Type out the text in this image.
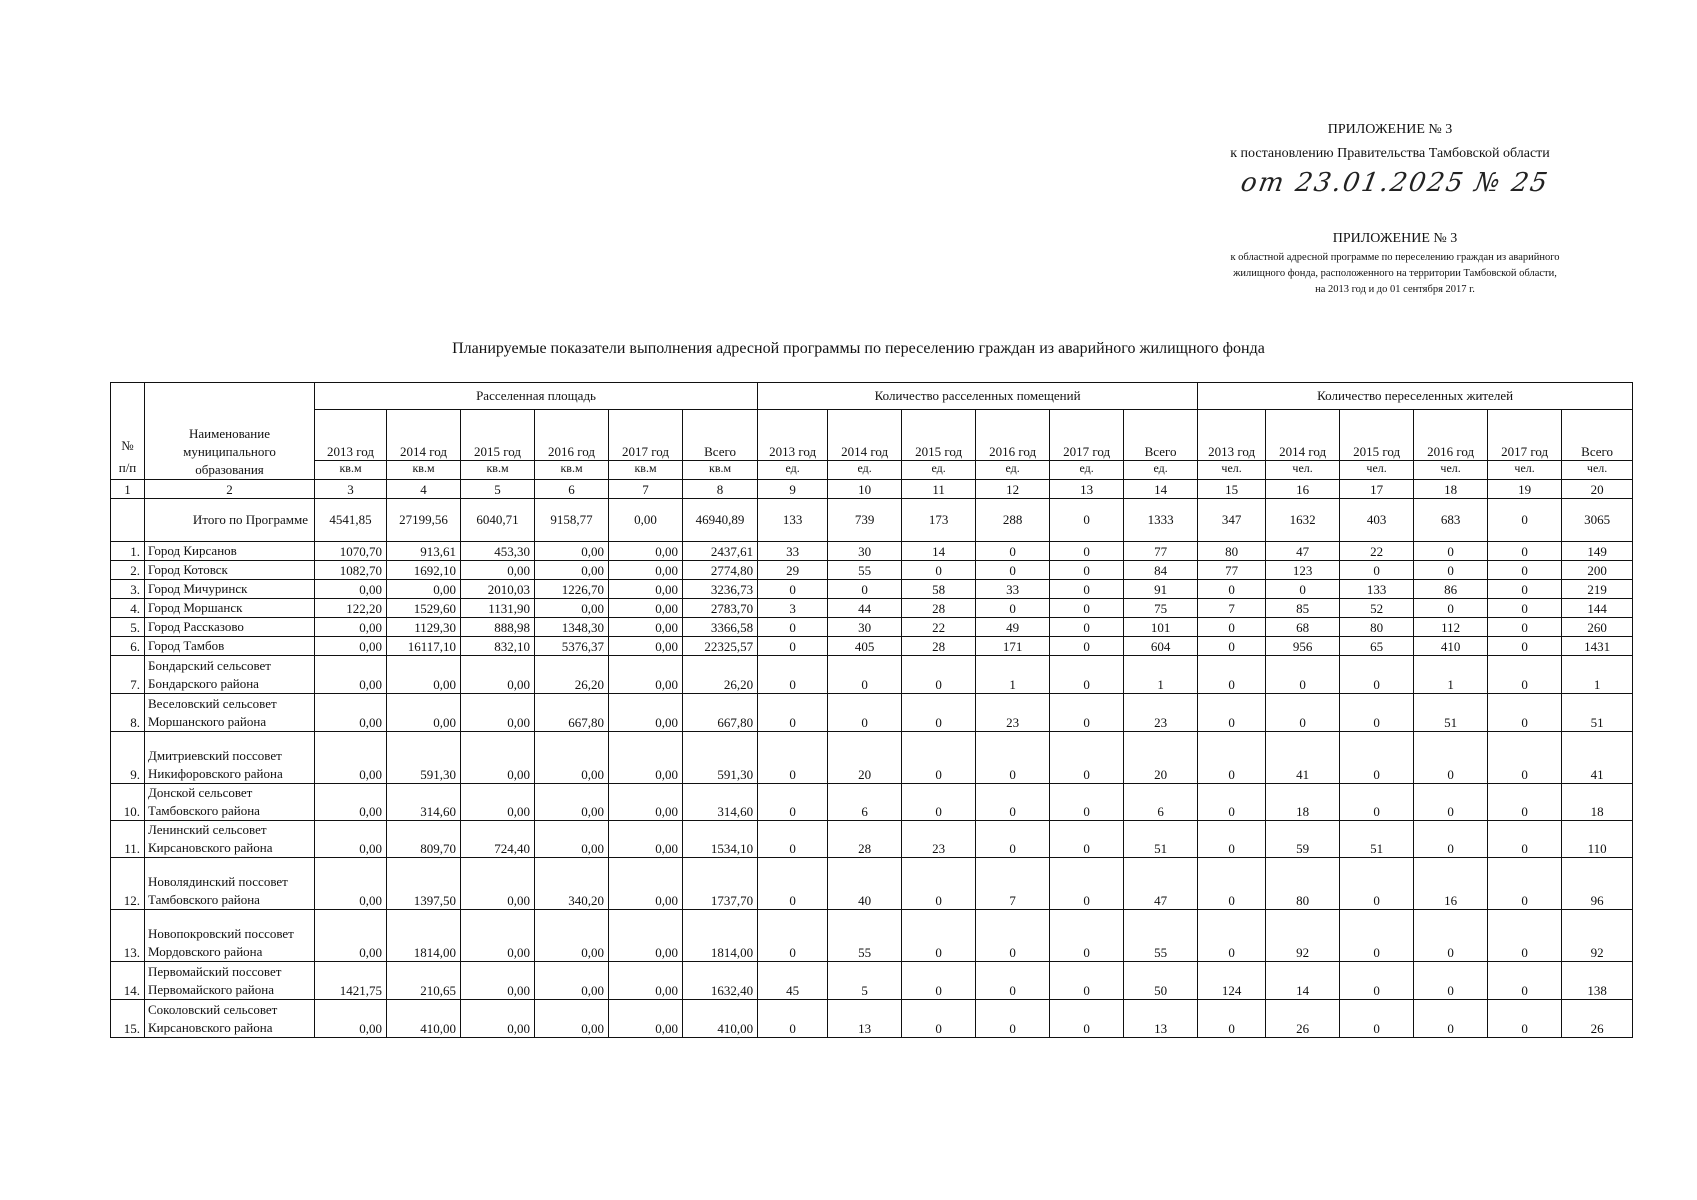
ПРИЛОЖЕНИЕ № 3
к постановлению Правительства Тамбовской области
от 23.01.2025 № 25
ПРИЛОЖЕНИЕ № 3
к областной адресной программе по переселению граждан из аварийного
жилищного фонда, расположенного на территории Тамбовской области,
на 2013 год и до 01 сентября 2017 г.
Планируемые показатели выполнения адресной программы по переселению граждан из аварийного жилищного фонда
№
п/п	Наименование муниципального образования	Расселенная площадь						Количество расселенных помещений						Количество переселенных жителей					
		2013 год	2014 год	2015 год	2016 год	2017 год	Всего	2013 год	2014 год	2015 год	2016 год	2017 год	Всего	2013 год	2014 год	2015 год	2016 год	2017 год	Всего
		кв.м	кв.м	кв.м	кв.м	кв.м	кв.м	ед.	ед.	ед.	ед.	ед.	ед.	чел.	чел.	чел.	чел.	чел.	чел.
1	2	3	4	5	6	7	8	9	10	11	12	13	14	15	16	17	18	19	20
	Итого по Программе	4541,85	27199,56	6040,71	9158,77	0,00	46940,89	133	739	173	288	0	1333	347	1632	403	683	0	3065
1.	Город Кирсанов	1070,70	913,61	453,30	0,00	0,00	2437,61	33	30	14	0	0	77	80	47	22	0	0	149
2.	Город Котовск	1082,70	1692,10	0,00	0,00	0,00	2774,80	29	55	0	0	0	84	77	123	0	0	0	200
3.	Город Мичуринск	0,00	0,00	2010,03	1226,70	0,00	3236,73	0	0	58	33	0	91	0	0	133	86	0	219
4.	Город Моршанск	122,20	1529,60	1131,90	0,00	0,00	2783,70	3	44	28	0	0	75	7	85	52	0	0	144
5.	Город Рассказово	0,00	1129,30	888,98	1348,30	0,00	3366,58	0	30	22	49	0	101	0	68	80	112	0	260
6.	Город Тамбов	0,00	16117,10	832,10	5376,37	0,00	22325,57	0	405	28	171	0	604	0	956	65	410	0	1431
7.	Бондарский сельсовет Бондарского района	0,00	0,00	0,00	26,20	0,00	26,20	0	0	0	1	0	1	0	0	0	1	0	1
8.	Веселовский сельсовет Моршанского района	0,00	0,00	0,00	667,80	0,00	667,80	0	0	0	23	0	23	0	0	0	51	0	51
9.	Дмитриевский поссовет Никифоровского района	0,00	591,30	0,00	0,00	0,00	591,30	0	20	0	0	0	20	0	41	0	0	0	41
10.	Донской сельсовет Тамбовского района	0,00	314,60	0,00	0,00	0,00	314,60	0	6	0	0	0	6	0	18	0	0	0	18
11.	Ленинский сельсовет Кирсановского района	0,00	809,70	724,40	0,00	0,00	1534,10	0	28	23	0	0	51	0	59	51	0	0	110
12.	Новолядинский поссовет Тамбовского района	0,00	1397,50	0,00	340,20	0,00	1737,70	0	40	0	7	0	47	0	80	0	16	0	96
13.	Новопокровский поссовет Мордовского района	0,00	1814,00	0,00	0,00	0,00	1814,00	0	55	0	0	0	55	0	92	0	0	0	92
14.	Первомайский поссовет Первомайского района	1421,75	210,65	0,00	0,00	0,00	1632,40	45	5	0	0	0	50	124	14	0	0	0	138
15.	Соколовский сельсовет Кирсановского района	0,00	410,00	0,00	0,00	0,00	410,00	0	13	0	0	0	13	0	26	0	0	0	26
